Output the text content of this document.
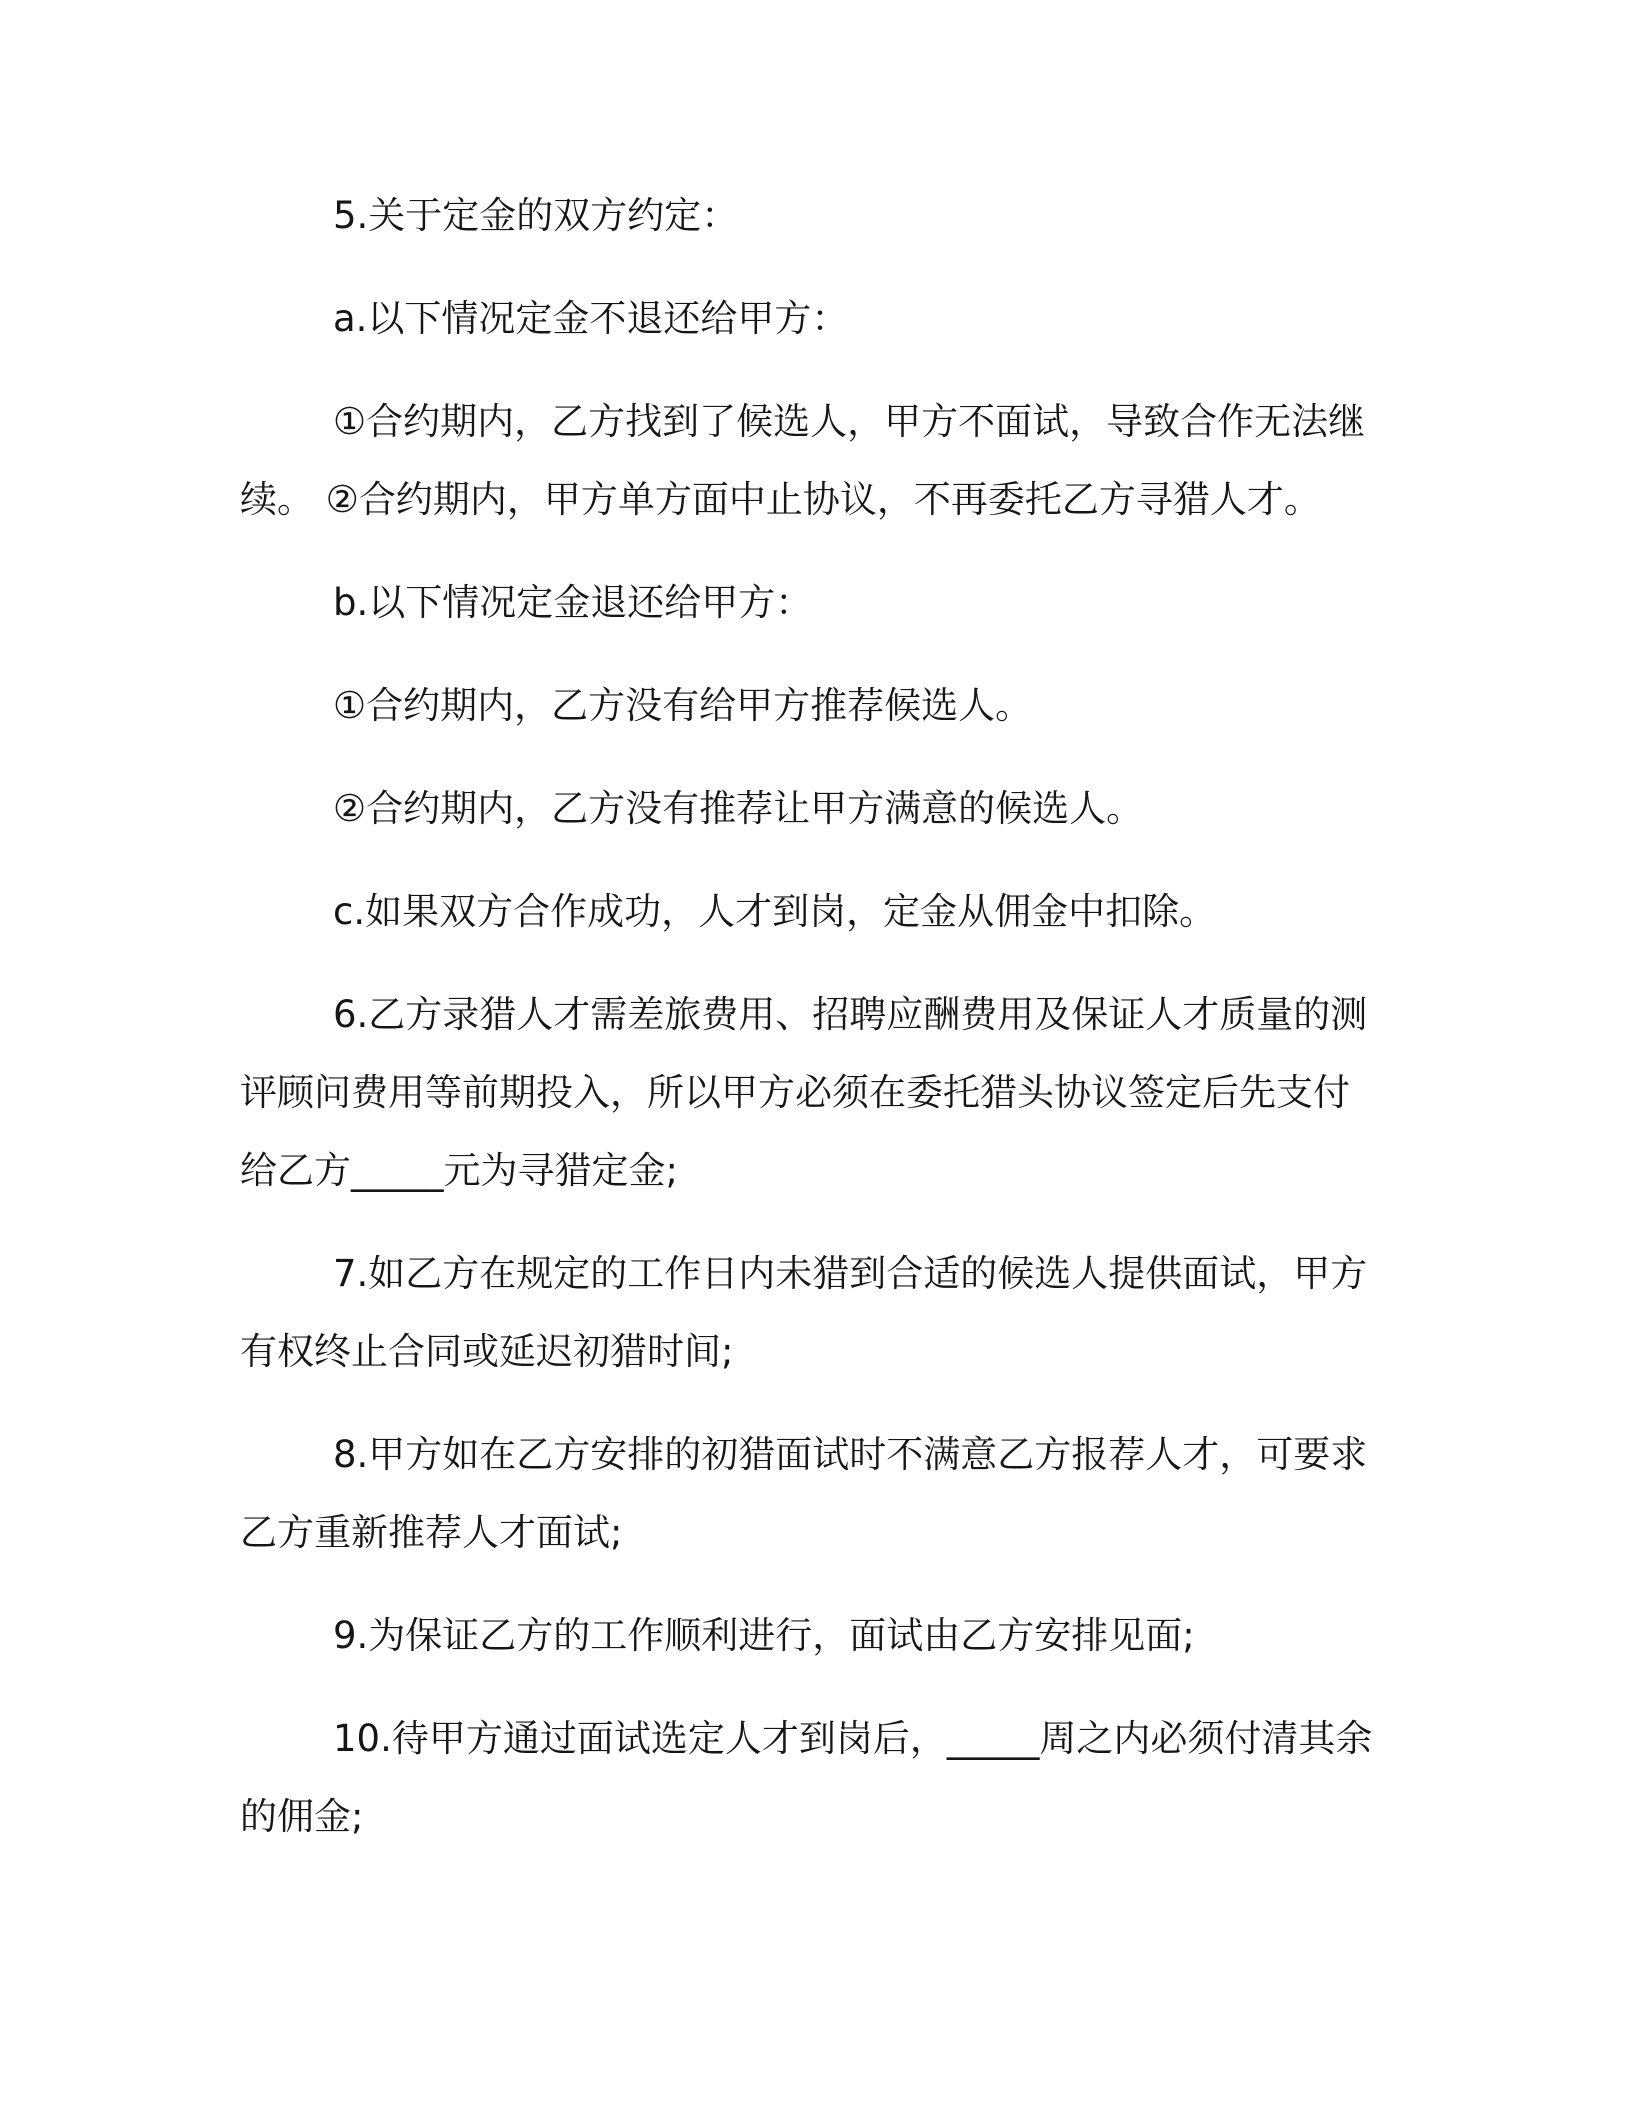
5.关于定金的双方约定：
a.以下情况定金不退还给甲方：
①合约期内，乙方找到了候选人，甲方不面试，导致合作无法继
续。 ②合约期内，甲方单方面中止协议，不再委托乙方寻猎人才。
b.以下情况定金退还给甲方：
①合约期内，乙方没有给甲方推荐候选人。
②合约期内，乙方没有推荐让甲方满意的候选人。
c.如果双方合作成功，人才到岗，定金从佣金中扣除。
6.乙方录猎人才需差旅费用、招聘应酬费用及保证人才质量的测
评顾问费用等前期投入，所以甲方必须在委托猎头协议签定后先支付
给乙方_____元为寻猎定金;
7.如乙方在规定的工作日内未猎到合适的候选人提供面试，甲方
有权终止合同或延迟初猎时间;
8.甲方如在乙方安排的初猎面试时不满意乙方报荐人才，可要求
乙方重新推荐人才面试;
9.为保证乙方的工作顺利进行，面试由乙方安排见面;
10.待甲方通过面试选定人才到岗后，_____周之内必须付清其余
的佣金;
